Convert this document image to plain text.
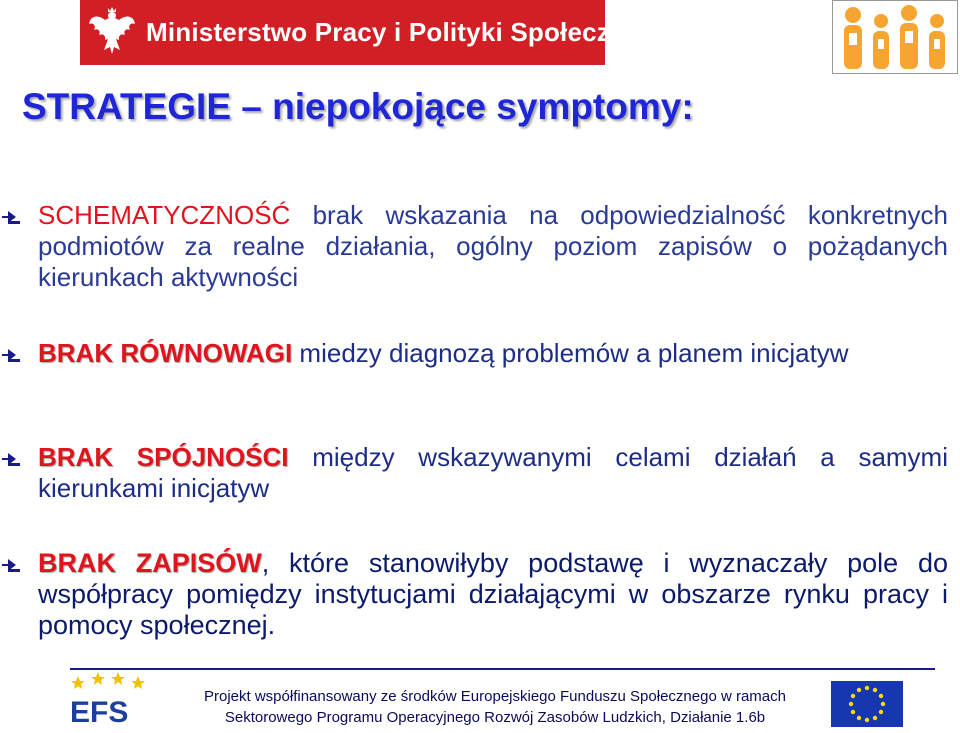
Ministerstwo Pracy i Polityki Społecznej
STRATEGIE – niepokojące symptomy:
SCHEMATYCZNOŚĆ brak wskazania na odpowiedzialność konkretnych podmiotów za realne działania, ogólny poziom zapisów o pożądanych kierunkach aktywności
BRAK RÓWNOWAGI miedzy diagnozą problemów a planem inicjatyw
BRAK SPÓJNOŚCI między wskazywanymi celami działań a samymi kierunkami inicjatyw
BRAK ZAPISÓW, które stanowiłyby podstawę i wyznaczały pole do współpracy pomiędzy instytucjami działającymi w obszarze rynku pracy i pomocy społecznej.
EFS	Projekt współfinansowany ze środków Europejskiego Funduszu Społecznego w ramach
Sektorowego Programu Operacyjnego Rozwój Zasobów Ludzkich, Działanie 1.6b
